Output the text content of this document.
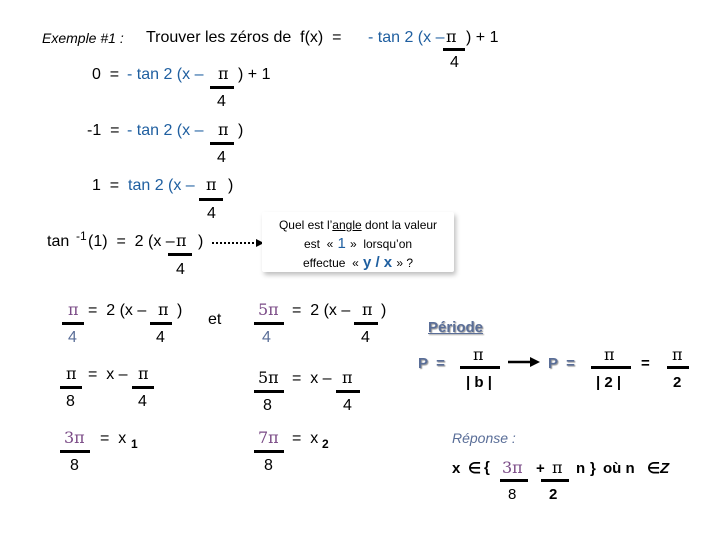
Exemple #1 : Trouver les zéros de  f(x)  = - tan 2 (x – π ) + 1
4
0  = - tan 2 (x – π ) + 1
4
-1  = - tan 2 (x – π )
4
1  = tan 2 (x – π )
4
tan -1 (1)  =  2 (x – π )
4
Quel est l’angle dont la valeur
est  « 1 »  lorsqu’on
effectue  « y / x » ?
π =  2 (x – π )
4	4
π =  x – π
8	4
3π =  x 1
8
et
5π =  2 (x – π )
4	4
5π =  x – π
8	4
7π =  x 2
8
Période
P  = π
| b |
P  = π
| 2 |
= π
2
Réponse :
x ∈ { 3π + π n } où n ∈ Z
8 2
